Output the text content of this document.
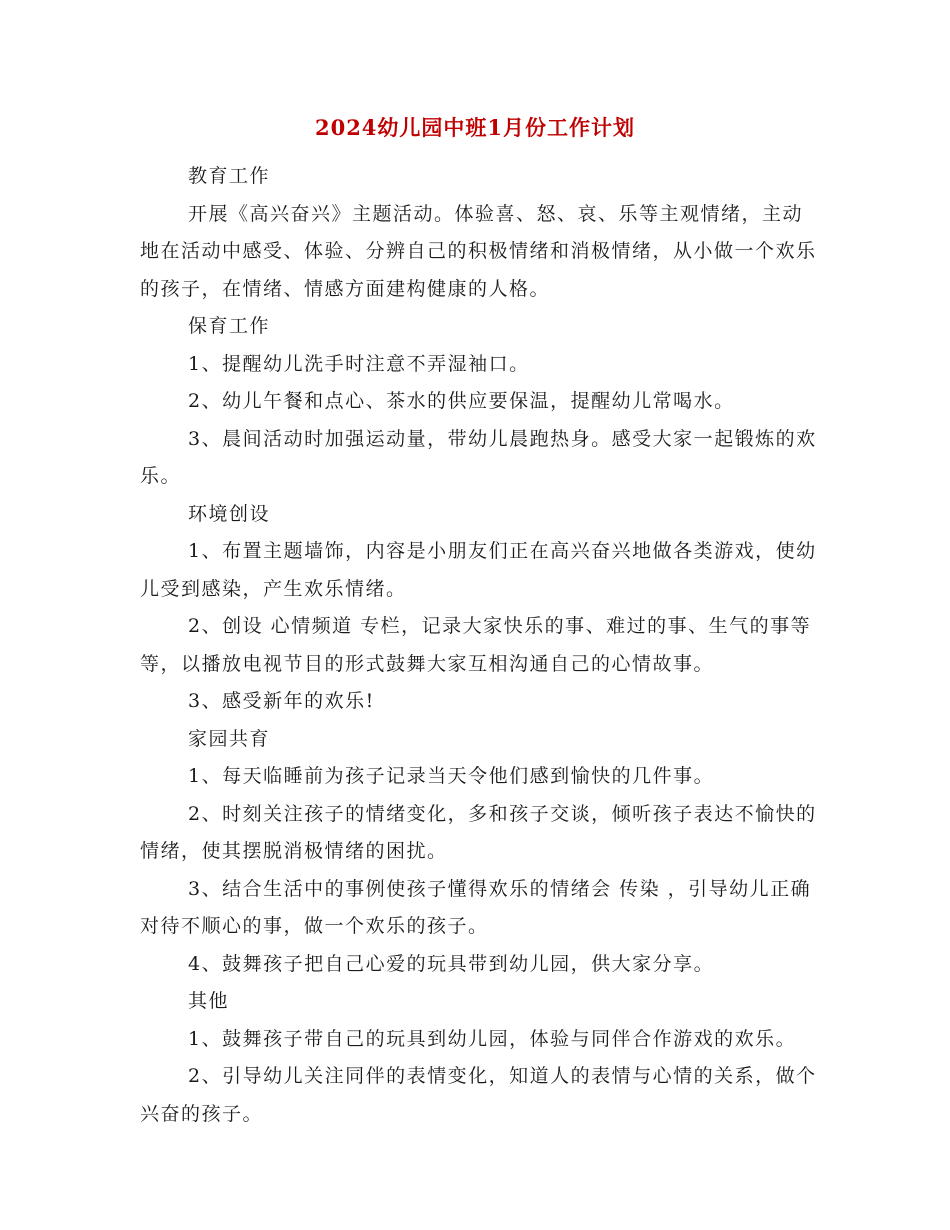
2024幼儿园中班1月份工作计划
教育工作

开展《高兴奋兴》主题活动。体验喜、怒、哀、乐等主观情绪，主动地在活动中感受、体验、分辨自己的积极情绪和消极情绪，从小做一个欢乐的孩子，在情绪、情感方面建构健康的人格。

保育工作

1、提醒幼儿洗手时注意不弄湿袖口。

2、幼儿午餐和点心、茶水的供应要保温，提醒幼儿常喝水。

3、晨间活动时加强运动量，带幼儿晨跑热身。感受大家一起锻炼的欢乐。

环境创设

1、布置主题墙饰，内容是小朋友们正在高兴奋兴地做各类游戏，使幼儿受到感染，产生欢乐情绪。

2、创设 心情频道 专栏，记录大家快乐的事、难过的事、生气的事等等，以播放电视节目的形式鼓舞大家互相沟通自己的心情故事。

3、感受新年的欢乐!

家园共育

1、每天临睡前为孩子记录当天令他们感到愉快的几件事。

2、时刻关注孩子的情绪变化，多和孩子交谈，倾听孩子表达不愉快的情绪，使其摆脱消极情绪的困扰。

3、结合生活中的事例使孩子懂得欢乐的情绪会 传染 ，引导幼儿正确对待不顺心的事，做一个欢乐的孩子。

4、鼓舞孩子把自己心爱的玩具带到幼儿园，供大家分享。

其他

1、鼓舞孩子带自己的玩具到幼儿园，体验与同伴合作游戏的欢乐。

2、引导幼儿关注同伴的表情变化，知道人的表情与心情的关系，做个兴奋的孩子。
